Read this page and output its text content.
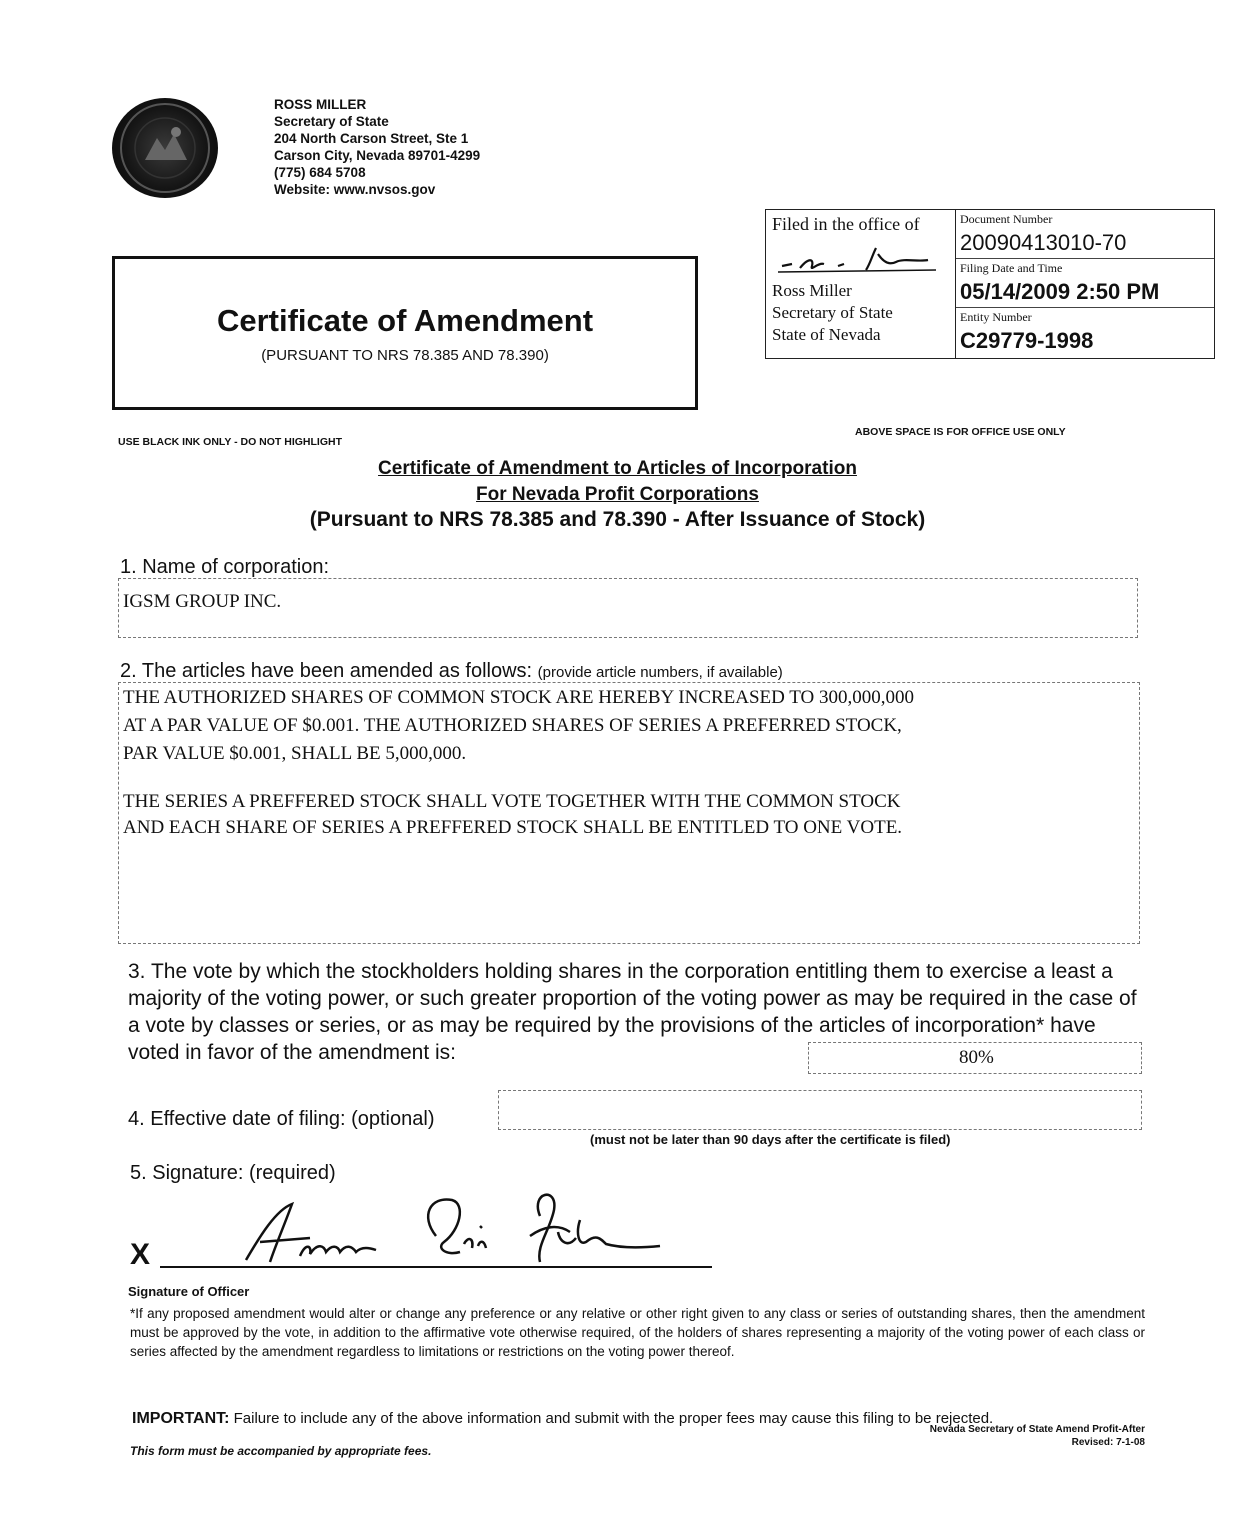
ROSS MILLER
Secretary of State
204 North Carson Street, Ste 1
Carson City, Nevada 89701-4299
(775) 684 5708
Website: www.nvsos.gov
Certificate of Amendment
(PURSUANT TO NRS 78.385 AND 78.390)
Filed in the office of
Ross Miller
Secretary of State
State of Nevada
Document Number
20090413010-70
Filing Date and Time
05/14/2009 2:50 PM
Entity Number
C29779-1998
USE BLACK INK ONLY - DO NOT HIGHLIGHT
ABOVE SPACE IS FOR OFFICE USE ONLY
Certificate of Amendment to Articles of Incorporation
For Nevada Profit Corporations
(Pursuant to NRS 78.385 and 78.390 - After Issuance of Stock)
1. Name of corporation:
IGSM GROUP INC.
2. The articles have been amended as follows: (provide article numbers, if available)
THE AUTHORIZED SHARES OF COMMON STOCK ARE HEREBY INCREASED TO 300,000,000
AT A PAR VALUE OF $0.001. THE AUTHORIZED SHARES OF SERIES A PREFERRED STOCK,
PAR VALUE $0.001, SHALL BE 5,000,000.
THE SERIES A PREFFERED STOCK SHALL VOTE TOGETHER WITH THE COMMON STOCK
AND EACH SHARE OF SERIES A PREFFERED STOCK SHALL BE ENTITLED TO ONE VOTE.
3. The vote by which the stockholders holding shares in the corporation entitling them to exercise a least a majority of the voting power, or such greater proportion of the voting power as may be required in the case of a vote by classes or series, or as may be required by the provisions of the articles of incorporation* have voted in favor of the amendment is:	80%
4. Effective date of filing: (optional)
(must not be later than 90 days after the certificate is filed)
5. Signature: (required)
X
Signature of Officer
*If any proposed amendment would alter or change any preference or any relative or other right given to any class or series of outstanding shares, then the amendment must be approved by the vote, in addition to the affirmative vote otherwise required, of the holders of shares representing a majority of the voting power of each class or series affected by the amendment regardless to limitations or restrictions on the voting power thereof.
IMPORTANT: Failure to include any of the above information and submit with the proper fees may cause this filing to be rejected.
This form must be accompanied by appropriate fees.
Nevada Secretary of State Amend Profit-After
Revised: 7-1-08
